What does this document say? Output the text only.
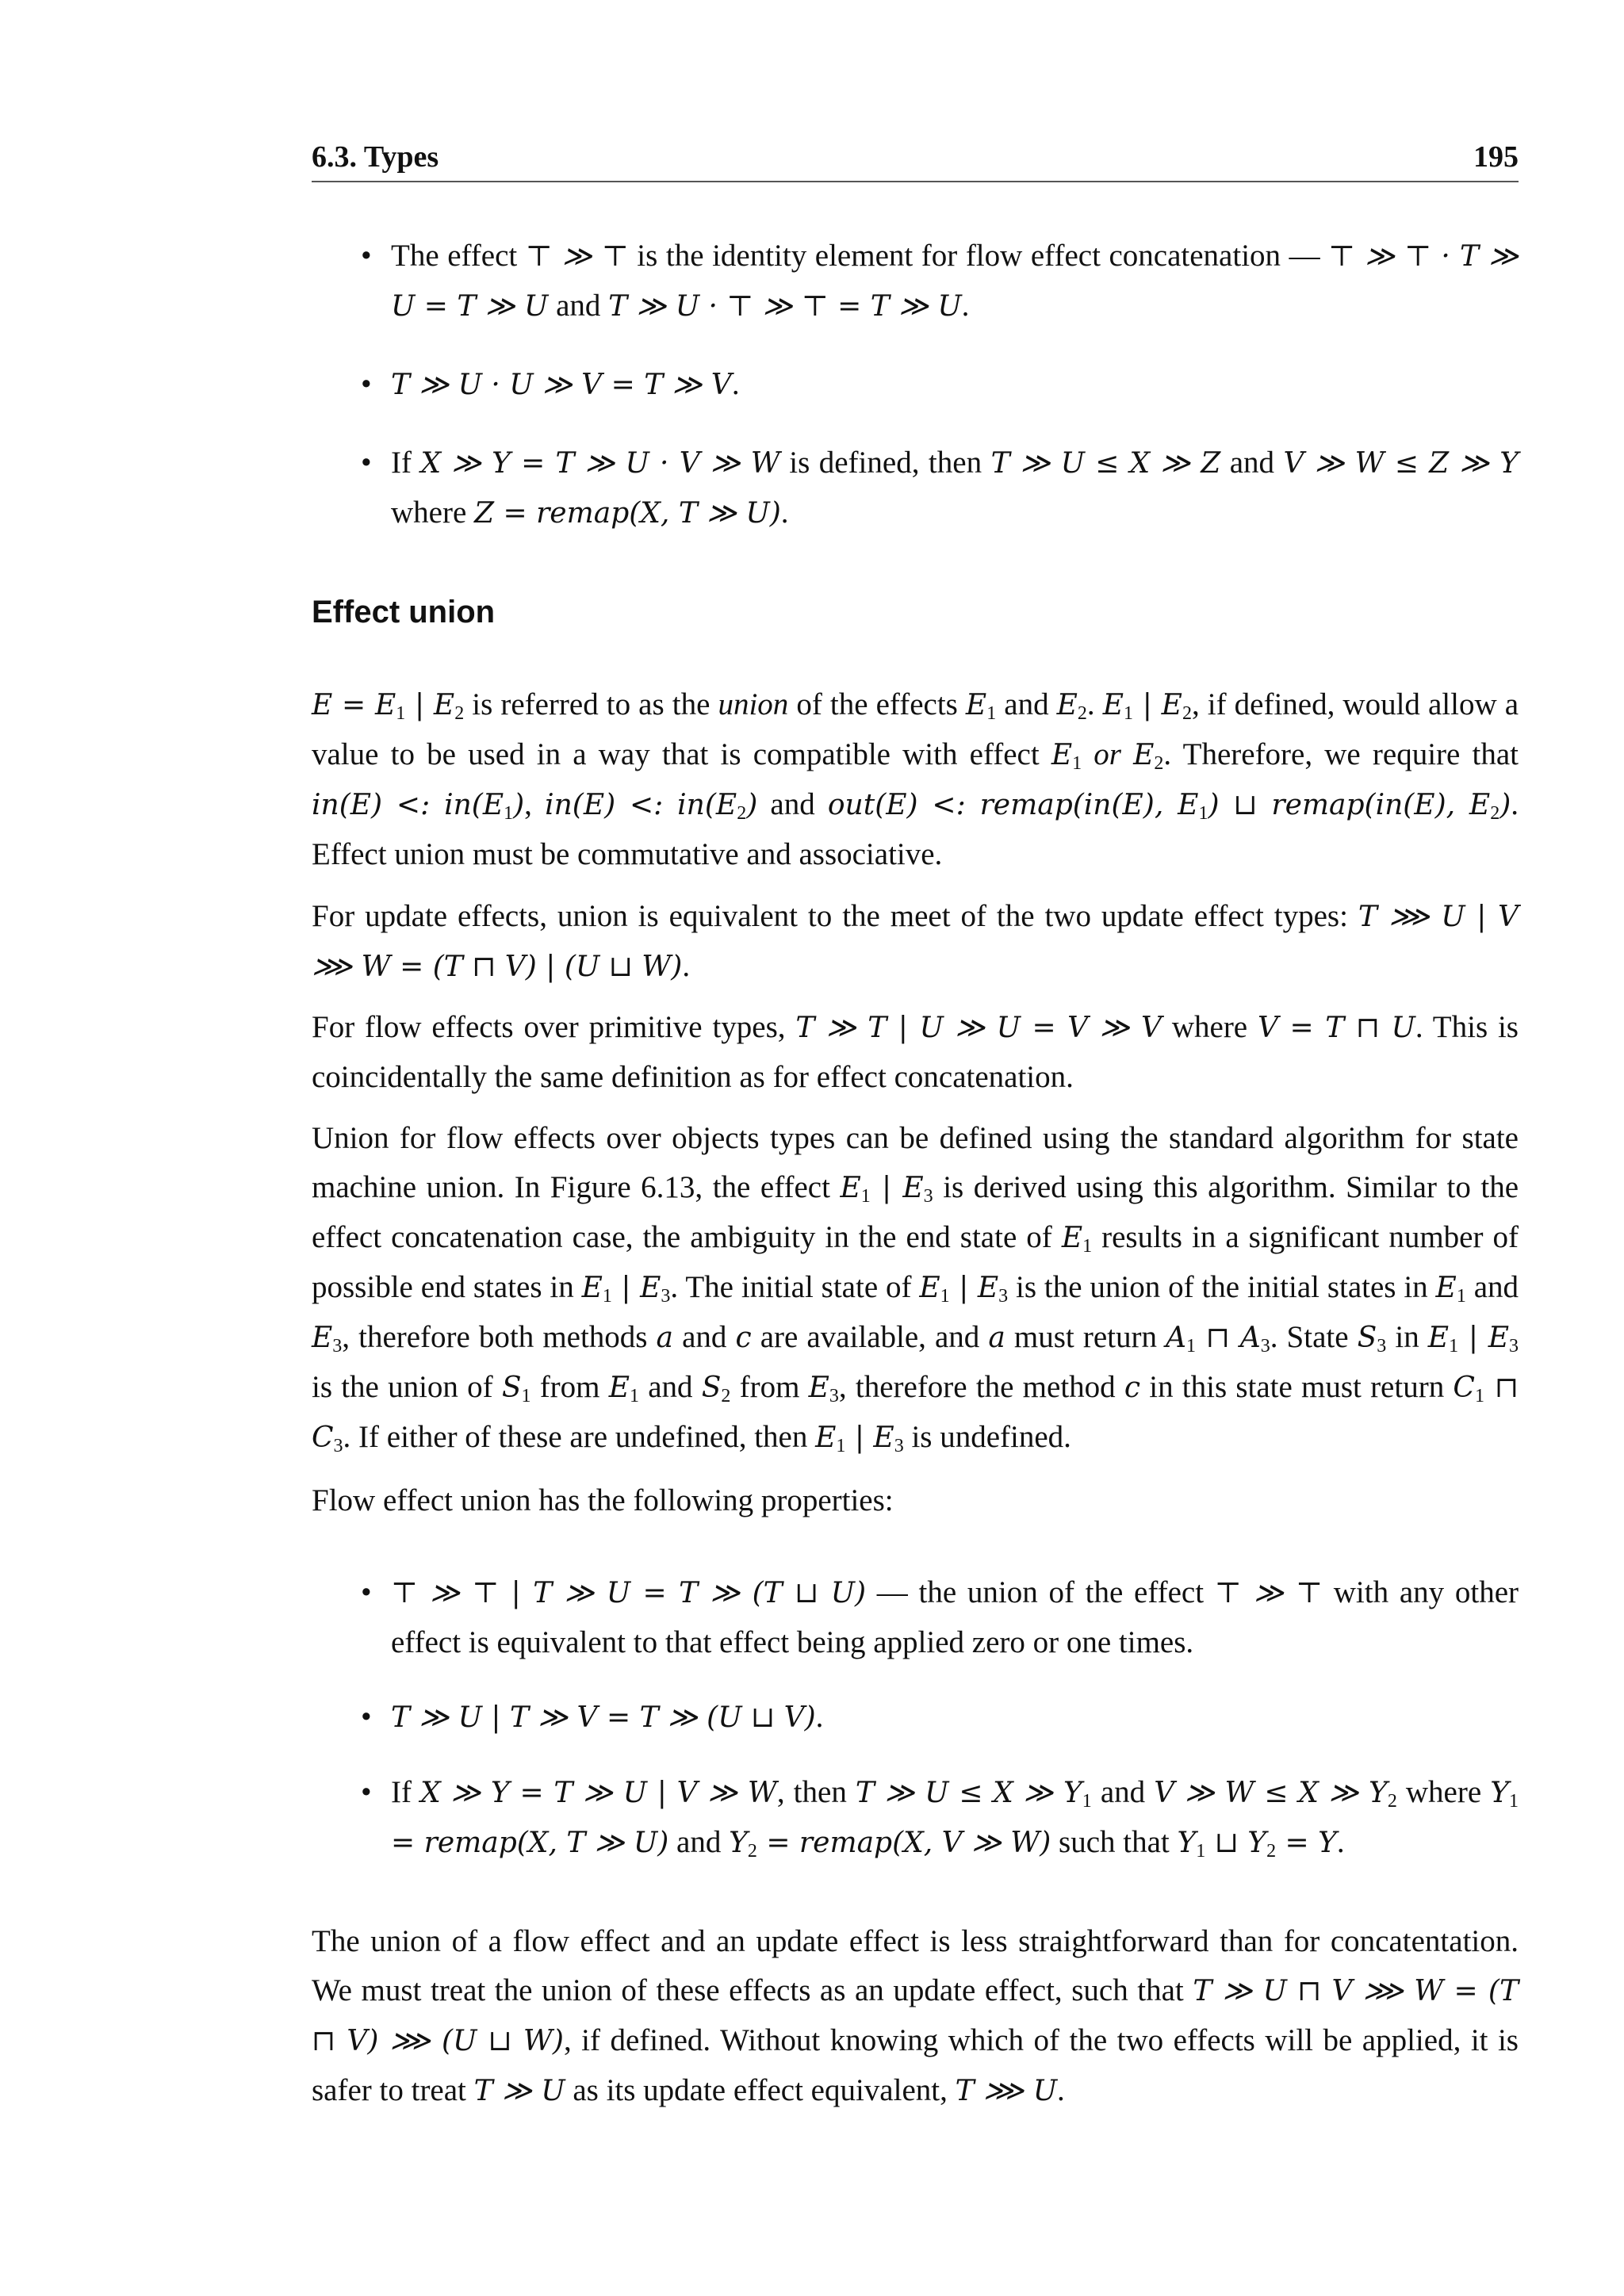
6.3. Types	195
• The effect ⊤ ≫ ⊤ is the identity element for flow effect concatenation — ⊤ ≫ ⊤ · T ≫ U = T ≫ U and T ≫ U · ⊤ ≫ ⊤ = T ≫ U.
• T ≫ U · U ≫ V = T ≫ V.
• If X ≫ Y = T ≫ U · V ≫ W is defined, then T ≫ U ≤ X ≫ Z and V ≫ W ≤ Z ≫ Y where Z = remap(X, T ≫ U).
Effect union

$E = E_1$ | $E_2$ is referred to as the union of the effects $E_1$ and $E_2$. $E_1$ | $E_2$, if defined, would allow a value to be used in a way that is compatible with effect $E_1$ or $E_2$. Therefore, we require that in(E) <: $in(E_1)$, in(E) <: $in(E_2)$ and out(E) <: remap(in(E), $E_1$) ⊔ remap(in(E), $E_2$). Effect union must be commutative and associative.

For update effects, union is equivalent to the meet of the two update effect types: T ⋙ U | V ⋙ W = (T ⊓ V) | (U ⊔ W).

For flow effects over primitive types, T ≫ T | U ≫ U = V ≫ V where V = T ⊓ U. This is coincidentally the same definition as for effect concatenation.

Union for flow effects over objects types can be defined using the standard algorithm for state machine union. In Figure 6.13, the effect $E_1$ | $E_3$ is derived using this algorithm. Similar to the effect concatenation case, the ambiguity in the end state of $E_1$ results in a significant number of possible end states in $E_1$ | $E_3$. The initial state of $E_1$ | $E_3$ is the union of the initial states in $E_1$ and $E_3$, therefore both methods a and c are available, and a must return $A_1$ ⊓ $A_3$. State $S_3$ in $E_1$ | $E_3$ is the union of $S_1$ from $E_1$ and $S_2$ from $E_3$, therefore the method c in this state must return $C_1$ ⊓ $C_3$. If either of these are undefined, then $E_1$ | $E_3$ is undefined.

Flow effect union has the following properties:

• ⊤ ≫ ⊤ | T ≫ U = T ≫ (T ⊔ U) — the union of the effect ⊤ ≫ ⊤ with any other effect is equivalent to that effect being applied zero or one times.
• T ≫ U | T ≫ V = T ≫ (U ⊔ V).
• If X ≫ Y = T ≫ U | V ≫ W, then T ≫ U ≤ X ≫ $Y_1$ and V ≫ W ≤ X ≫ $Y_2$ where $Y_1$ = remap(X, T ≫ U) and $Y_2$ = remap(X, V ≫ W) such that $Y_1$ ⊔ $Y_2 = Y$.

The union of a flow effect and an update effect is less straightforward than for concatentation. We must treat the union of these effects as an update effect, such that T ≫ U ⊓ V ⋙ W = (T ⊓ V) ⋙ (U ⊔ W), if defined. Without knowing which of the two effects will be applied, it is safer to treat T ≫ U as its update effect equivalent, T ⋙ U.
